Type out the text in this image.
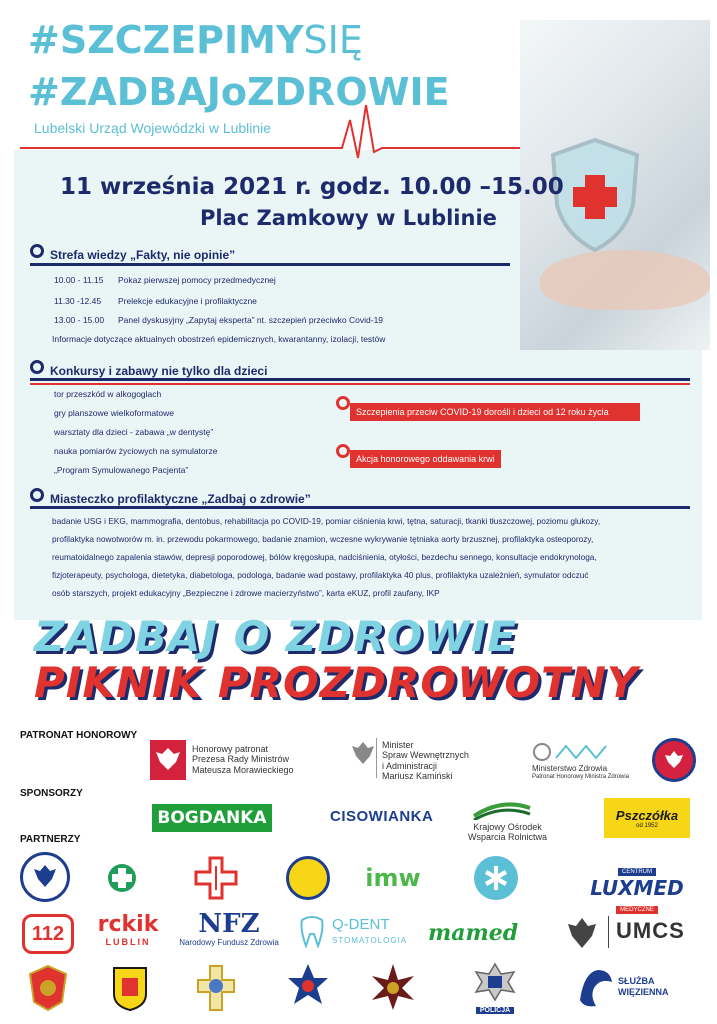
#SZCZEPIMYSIĘ
#ZADBAJoZDROWIE
Lubelski Urząd Wojewódzki w Lublinie
11 września 2021 r. godz. 10.00 –15.00
Plac Zamkowy w Lublinie
Strefa wiedzy „Fakty, nie opinie”
10.00 - 11.15 Pokaz pierwszej pomocy przedmedycznej
11.30 -12.45 Prelekcje edukacyjne i profilaktyczne
13.00 - 15.00 Panel dyskusyjny „Zapytaj eksperta” nt. szczepień przeciwko Covid-19
Informacje dotyczące aktualnych obostrzeń epidemicznych, kwarantanny, izolacji, testów
Konkursy i zabawy nie tylko dla dzieci
tor przeszkód w alkogoglach
gry planszowe wielkoformatowe
warsztaty dla dzieci - zabawa „w dentystę”
nauka pomiarów życiowych na symulatorze
„Program Symulowanego Pacjenta”
Szczepienia przeciw COVID-19 dorośli i dzieci od 12 roku życia
Akcja honorowego oddawania krwi
Miasteczko profilaktyczne „Zadbaj o zdrowie”
badanie USG i EKG, mammografia, dentobus, rehabilitacja po COVID-19, pomiar ciśnienia krwi, tętna, saturacji, tkanki tłuszczowej, poziomu glukozy,
profilaktyka nowotworów m. in. przewodu pokarmowego, badanie znamion, wczesne wykrywanie tętniaka aorty brzusznej, profilaktyka osteoporozy,
reumatoidalnego zapalenia stawów, depresji poporodowej, bólów kręgosłupa, nadciśnienia, otyłości, bezdechu sennego, konsultacje endokrynologa,
fizjoterapeuty, psychologa, dietetyka, diabetologa, podologa, badanie wad postawy, profilaktyka 40 plus, profilaktyka uzależnień, symulator odczuć
osób starszych, projekt edukacyjny „Bezpieczne i zdrowe macierzyństwo”, karta eKUZ, profil zaufany, IKP
ZADBAJ O ZDROWIE
PIKNIK PROZDROWOTNY
PATRONAT HONOROWY
Honorowy patronat
Prezesa Rady Ministrów
Mateusza Morawieckiego
Minister
Spraw Wewnętrznych
i Administracji
Mariusz Kamiński
Ministerstwo Zdrowia
Patronat Honorowy Ministra Zdrowia
SPONSORZY
BOGDANKA	CISOWIANKA
Krajowy Ośrodek
Wsparcia Rolnictwa
Pszczółka
od 1952
PARTNERZY
imw	CENTRUM
LUXMED
MEDYCZNE
112	rckik
LUBLIN
NFZ
Narodowy Fundusz Zdrowia
Q-DENT
STOMATOLOGIA mamed	UMCS
POLICJA
SŁUŻBA
WIĘZIENNA
